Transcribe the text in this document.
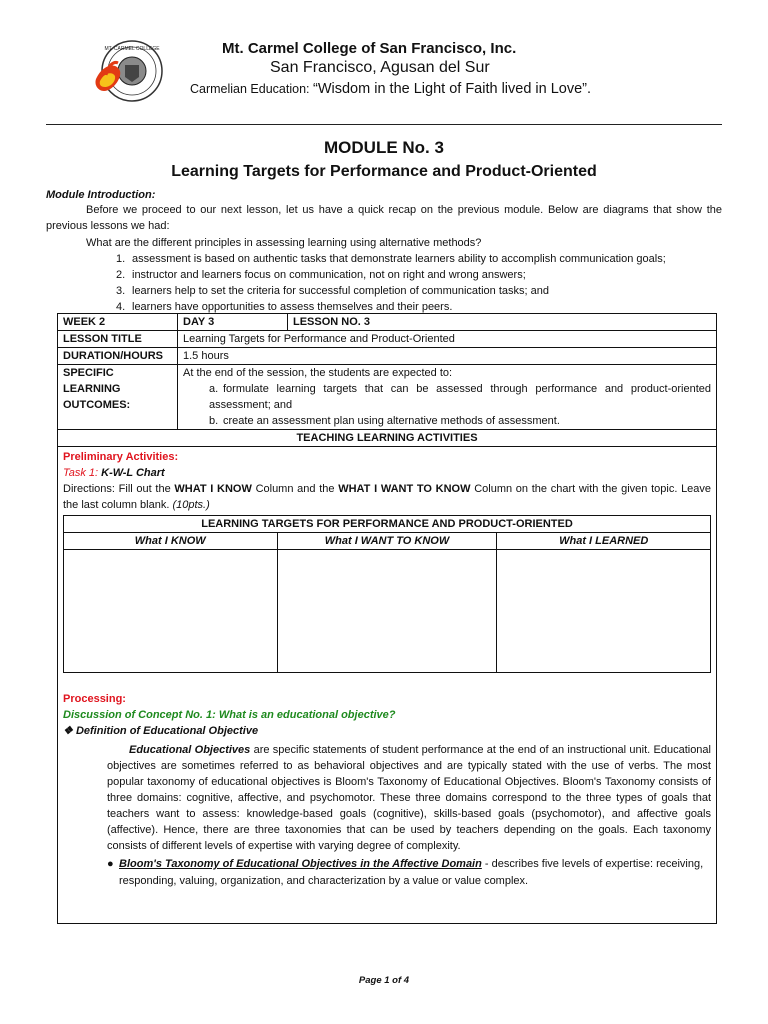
MT. CARMEL COLLEGE	Mt. Carmel College of San Francisco, Inc.
San Francisco, Agusan del Sur
Carmelian Education: “Wisdom in the Light of Faith lived in Love”.
MODULE No. 3
Learning Targets for Performance and Product-Oriented
Module Introduction:
Before we proceed to our next lesson, let us have a quick recap on the previous module. Below are diagrams that show the previous lessons we had:
What are the different principles in assessing learning using alternative methods?
1. assessment is based on authentic tasks that demonstrate learners ability to accomplish communication goals;
2. instructor and learners focus on communication, not on right and wrong answers;
3. learners help to set the criteria for successful completion of communication tasks; and
4. learners have opportunities to assess themselves and their peers.
WEEK 2	DAY 3	LESSON NO. 3
LESSON TITLE	Learning Targets for Performance and Product-Oriented
DURATION/HOURS	1.5 hours
SPECIFIC LEARNING OUTCOMES:	
At the end of the session, the students are expected to:
a. formulate learning targets that can be assessed through performance and product-oriented assessment; and
b. create an assessment plan using alternative methods of assessment.

TEACHING LEARNING ACTIVITIES

Preliminary Activities:
Task 1: K-W-L Chart
Directions: Fill out the WHAT I KNOW Column and the WHAT I WANT TO KNOW Column on the chart with the given topic. Leave the last column blank. (10pts.)
LEARNING TARGETS FOR PERFORMANCE AND PRODUCT-ORIENTED
What I KNOW	What I WANT TO KNOW	What I LEARNED

Processing:
Discussion of Concept No. 1: What is an educational objective?
❖ Definition of Educational Objective
Educational Objectives are specific statements of student performance at the end of an instructional unit. Educational objectives are sometimes referred to as behavioral objectives and are typically stated with the use of verbs. The most popular taxonomy of educational objectives is Bloom's Taxonomy of Educational Objectives. Bloom's Taxonomy consists of three domains: cognitive, affective, and psychomotor. These three domains correspond to the three types of goals that teachers want to assess: knowledge-based goals (cognitive), skills-based goals (psychomotor), and affective goals (affective). Hence, there are three taxonomies that can be used by teachers depending on the goals. Each taxonomy consists of different levels of expertise with varying degree of complexity.
● Bloom's Taxonomy of Educational Objectives in the Affective Domain - describes five levels of expertise: receiving, responding, valuing, organization, and characterization by a value or value complex.
Page 1 of 4
